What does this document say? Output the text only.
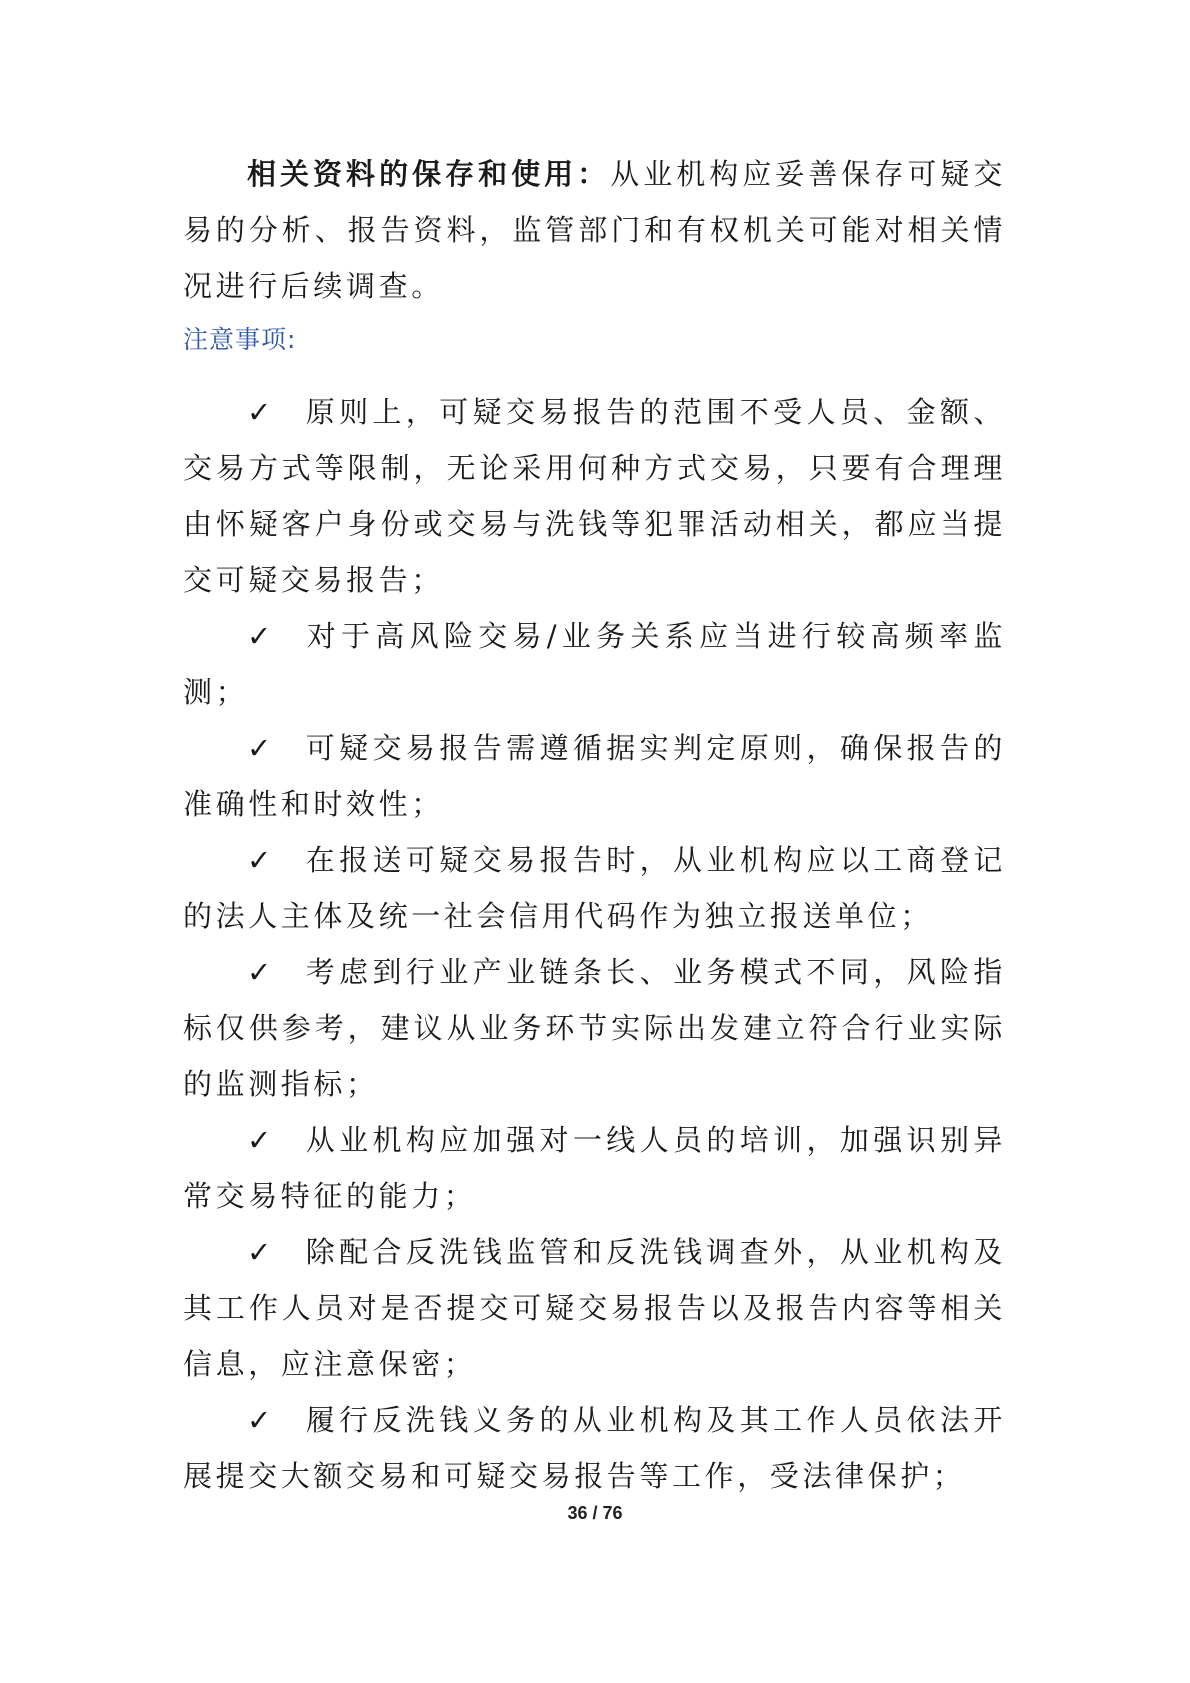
相关资料的保存和使用：从业机构应妥善保存可疑交易的分析、报告资料，监管部门和有权机关可能对相关情况进行后续调查。

注意事项:

✓ 原则上，可疑交易报告的范围不受人员、金额、交易方式等限制，无论采用何种方式交易，只要有合理理由怀疑客户身份或交易与洗钱等犯罪活动相关，都应当提交可疑交易报告；

✓ 对于高风险交易/业务关系应当进行较高频率监测；

✓ 可疑交易报告需遵循据实判定原则，确保报告的准确性和时效性；

✓ 在报送可疑交易报告时，从业机构应以工商登记的法人主体及统一社会信用代码作为独立报送单位；

✓ 考虑到行业产业链条长、业务模式不同，风险指标仅供参考，建议从业务环节实际出发建立符合行业实际的监测指标；

✓ 从业机构应加强对一线人员的培训，加强识别异常交易特征的能力；

✓ 除配合反洗钱监管和反洗钱调查外，从业机构及其工作人员对是否提交可疑交易报告以及报告内容等相关信息，应注意保密；

✓ 履行反洗钱义务的从业机构及其工作人员依法开展提交大额交易和可疑交易报告等工作，受法律保护；

36 / 76
